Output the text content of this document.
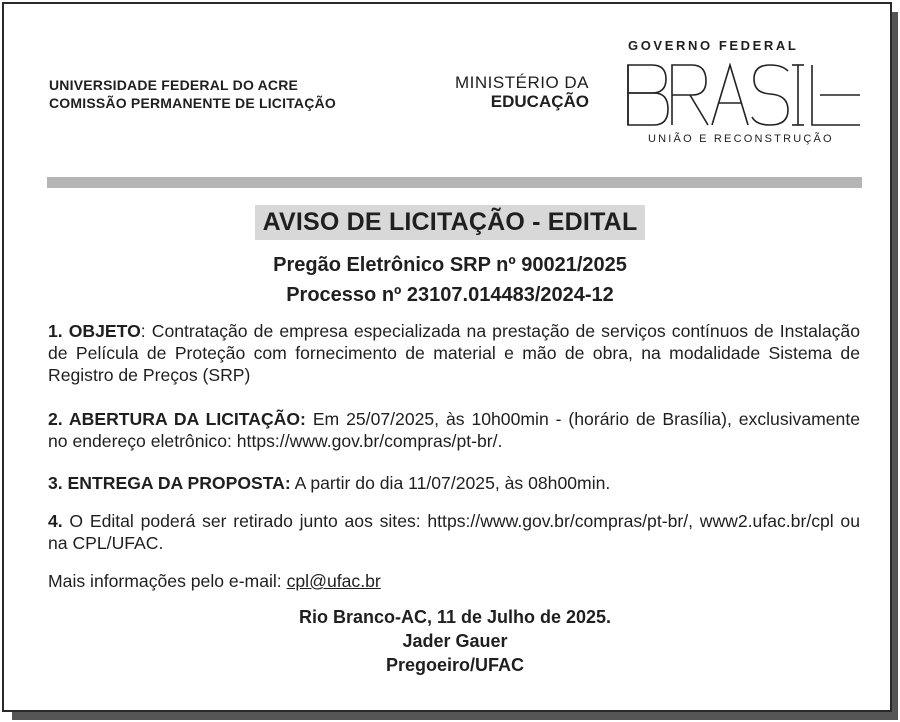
UNIVERSIDADE FEDERAL DO ACRE
COMISSÃO PERMANENTE DE LICITAÇÃO
MINISTÉRIO DA
EDUCAÇÃO
GOVERNO FEDERAL
UNIÃO E RECONSTRUÇÃO
AVISO DE LICITAÇÃO - EDITAL
Pregão Eletrônico SRP nº 90021/2025
Processo nº 23107.014483/2024-12
1. OBJETO: Contratação de empresa especializada na prestação de serviços contínuos de Instalação de Película de Proteção com fornecimento de material e mão de obra, na modalidade Sistema de Registro de Preços (SRP)
2. ABERTURA DA LICITAÇÃO: Em 25/07/2025, às 10h00min - (horário de Brasília), exclusivamente no endereço eletrônico: https://www.gov.br/compras/pt-br/.
3. ENTREGA DA PROPOSTA: A partir do dia 11/07/2025, às 08h00min.
4. O Edital poderá ser retirado junto aos sites: https://www.gov.br/compras/pt-br/, www2.ufac.br/cpl ou na CPL/UFAC.
Mais informações pelo e-mail: cpl@ufac.br
Rio Branco-AC, 11 de Julho de 2025.
Jader Gauer
Pregoeiro/UFAC
